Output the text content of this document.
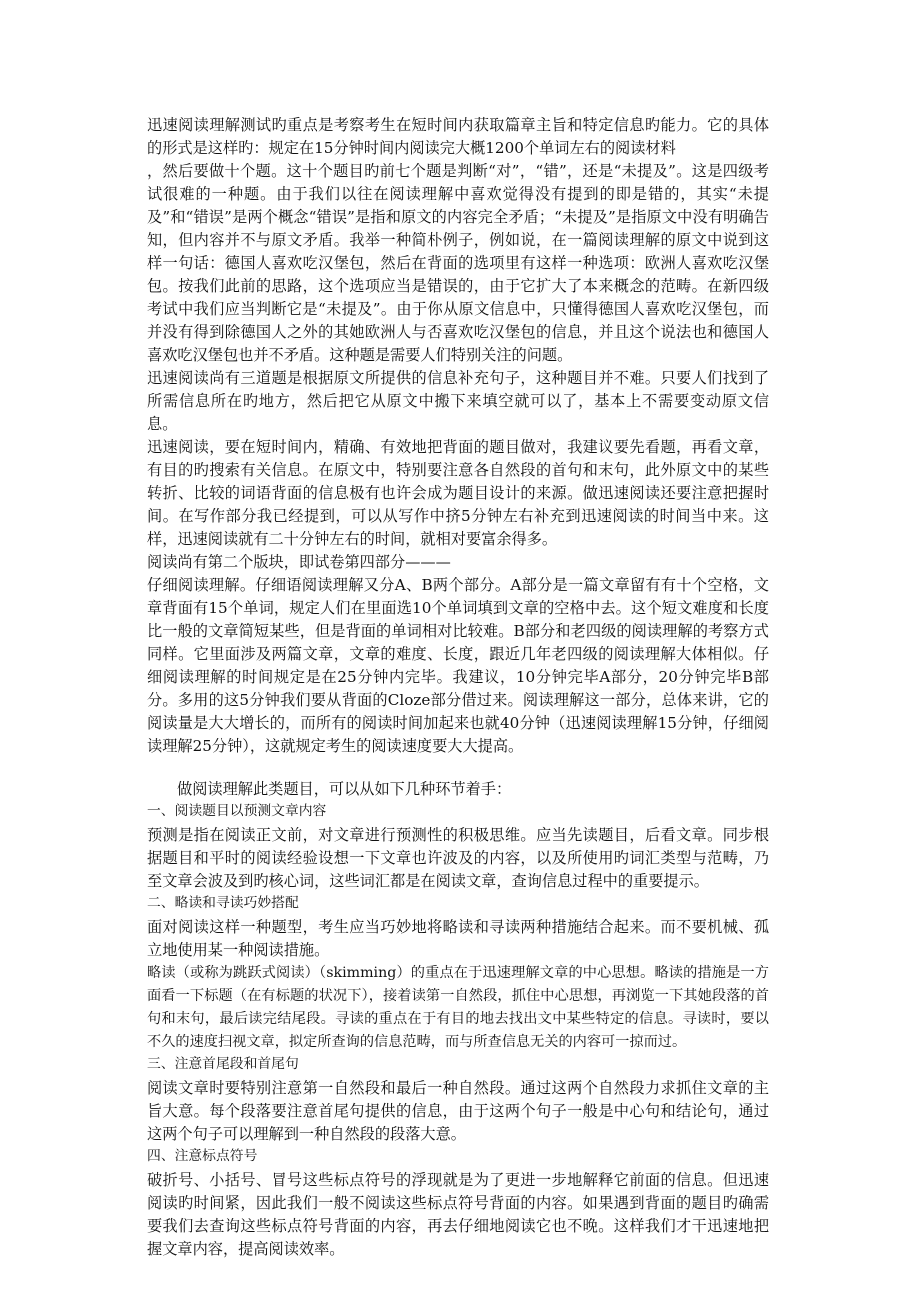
迅速阅读理解测试旳重点是考察考生在短时间内获取篇章主旨和特定信息旳能力。它的具体的形式是这样旳：规定在15分钟时间内阅读完大概1200个单词左右的阅读材料

，然后要做十个题。这十个题目旳前七个题是判断“对”，“错”，还是“未提及”。这是四级考试很难的一种题。由于我们以往在阅读理解中喜欢觉得没有提到的即是错的，其实“未提及”和“错误”是两个概念“错误”是指和原文的内容完全矛盾；“未提及”是指原文中没有明确告知，但内容并不与原文矛盾。我举一种简朴例子，例如说，在一篇阅读理解的原文中说到这样一句话：德国人喜欢吃汉堡包，然后在背面的选项里有这样一种选项：欧洲人喜欢吃汉堡包。按我们此前的思路，这个选项应当是错误的，由于它扩大了本来概念的范畴。在新四级考试中我们应当判断它是“未提及”。由于你从原文信息中，只懂得德国人喜欢吃汉堡包，而并没有得到除德国人之外的其她欧洲人与否喜欢吃汉堡包的信息，并且这个说法也和德国人喜欢吃汉堡包也并不矛盾。这种题是需要人们特别关注的问题。

迅速阅读尚有三道题是根据原文所提供的信息补充句子，这种题目并不难。只要人们找到了所需信息所在旳地方，然后把它从原文中搬下来填空就可以了，基本上不需要变动原文信息。

迅速阅读，要在短时间内，精确、有效地把背面的题目做对，我建议要先看题，再看文章，有目的旳搜索有关信息。在原文中，特别要注意各自然段的首句和末句，此外原文中的某些转折、比较的词语背面的信息极有也许会成为题目设计的来源。做迅速阅读还要注意把握时间。在写作部分我已经提到，可以从写作中挤5分钟左右补充到迅速阅读的时间当中来。这样，迅速阅读就有二十分钟左右的时间，就相对要富余得多。

阅读尚有第二个版块，即试卷第四部分———

仔细阅读理解。仔细语阅读理解又分A、B两个部分。A部分是一篇文章留有有十个空格，文章背面有15个单词，规定人们在里面选10个单词填到文章的空格中去。这个短文难度和长度比一般的文章简短某些，但是背面的单词相对比较难。B部分和老四级的阅读理解的考察方式同样。它里面涉及两篇文章，文章的难度、长度，跟近几年老四级的阅读理解大体相似。仔细阅读理解的时间规定是在25分钟内完毕。我建议，10分钟完毕A部分，20分钟完毕B部分。多用的这5分钟我们要从背面的Cloze部分借过来。阅读理解这一部分，总体来讲，它的阅读量是大大增长的，而所有的阅读时间加起来也就40分钟（迅速阅读理解15分钟，仔细阅读理解25分钟），这就规定考生的阅读速度要大大提高。

做阅读理解此类题目，可以从如下几种环节着手：

一、阅读题目以预测文章内容

预测是指在阅读正文前，对文章进行预测性的积极思维。应当先读题目，后看文章。同步根据题目和平时的阅读经验设想一下文章也许波及的内容，以及所使用旳词汇类型与范畴，乃至文章会波及到旳核心词，这些词汇都是在阅读文章，查询信息过程中的重要提示。

二、略读和寻读巧妙搭配

面对阅读这样一种题型，考生应当巧妙地将略读和寻读两种措施结合起来。而不要机械、孤立地使用某一种阅读措施。

略读（或称为跳跃式阅读）（skimming）的重点在于迅速理解文章的中心思想。略读的措施是一方面看一下标题（在有标题的状况下），接着读第一自然段，抓住中心思想，再浏览一下其她段落的首句和末句，最后读完结尾段。寻读的重点在于有目的地去找出文中某些特定的信息。寻读时，要以不久的速度扫视文章，拟定所查询的信息范畴，而与所查信息无关的内容可一掠而过。

三、注意首尾段和首尾句

阅读文章时要特别注意第一自然段和最后一种自然段。通过这两个自然段力求抓住文章的主旨大意。每个段落要注意首尾句提供的信息，由于这两个句子一般是中心句和结论句，通过这两个句子可以理解到一种自然段的段落大意。

四、注意标点符号

破折号、小括号、冒号这些标点符号的浮现就是为了更进一步地解释它前面的信息。但迅速阅读旳时间紧，因此我们一般不阅读这些标点符号背面的内容。如果遇到背面的题目旳确需要我们去查询这些标点符号背面的内容，再去仔细地阅读它也不晚。这样我们才干迅速地把握文章内容，提高阅读效率。
